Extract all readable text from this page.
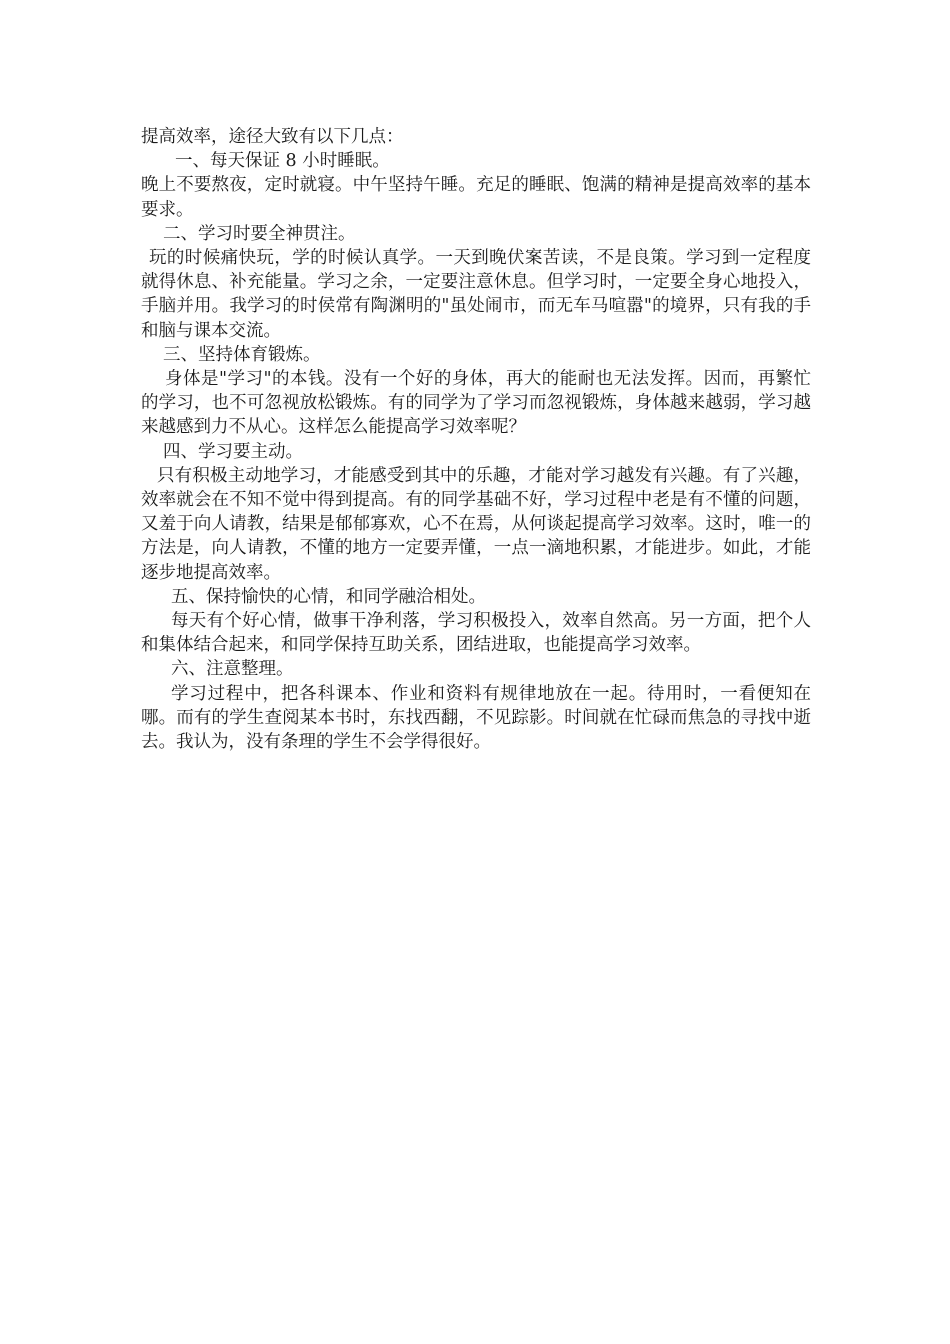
提高效率，途径大致有以下几点：

一、每天保证 8 小时睡眠。

晚上不要熬夜，定时就寝。中午坚持午睡。充足的睡眠、饱满的精神是提高效率的基本要求。

二、学习时要全神贯注。

玩的时候痛快玩，学的时候认真学。一天到晚伏案苦读，不是良策。学习到一定程度就得休息、补充能量。学习之余，一定要注意休息。但学习时，一定要全身心地投入，手脑并用。我学习的时侯常有陶渊明的"虽处闹市，而无车马喧嚣"的境界，只有我的手和脑与课本交流。

三、坚持体育锻炼。

身体是"学习"的本钱。没有一个好的身体，再大的能耐也无法发挥。因而，再繁忙的学习，也不可忽视放松锻炼。有的同学为了学习而忽视锻炼，身体越来越弱，学习越来越感到力不从心。这样怎么能提高学习效率呢？

四、学习要主动。

只有积极主动地学习，才能感受到其中的乐趣，才能对学习越发有兴趣。有了兴趣，效率就会在不知不觉中得到提高。有的同学基础不好，学习过程中老是有不懂的问题，又羞于向人请教，结果是郁郁寡欢，心不在焉，从何谈起提高学习效率。这时，唯一的方法是，向人请教，不懂的地方一定要弄懂，一点一滴地积累，才能进步。如此，才能逐步地提高效率。

五、保持愉快的心情，和同学融洽相处。

每天有个好心情，做事干净利落，学习积极投入，效率自然高。另一方面，把个人和集体结合起来，和同学保持互助关系，团结进取，也能提高学习效率。

六、注意整理。

学习过程中，把各科课本、作业和资料有规律地放在一起。待用时，一看便知在哪。而有的学生查阅某本书时，东找西翻，不见踪影。时间就在忙碌而焦急的寻找中逝去。我认为，没有条理的学生不会学得很好。
